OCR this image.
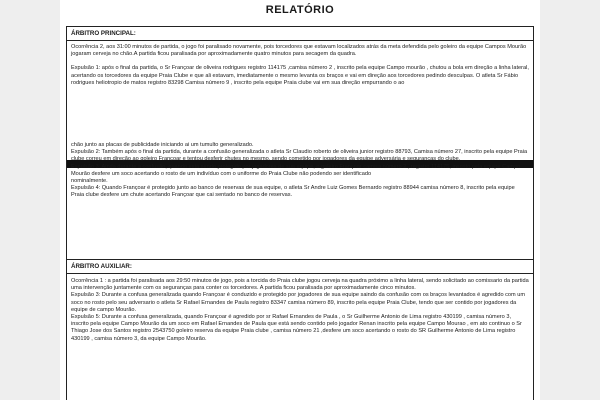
RELATÓRIO
ÁRBITRO PRINCIPAL:

Ocorrência 2, aos 31:00 minutos de partida, o jogo foi paralisado novamente, pois torcedores que estavam localizados atrás da meta defendida pelo goleiro da equipe Campos Mourão jogaram cerveja no chão.A partida ficou paralisada por aproximadamente quatro minutos para secagem da quadra.

Expulsão 1: após o final da partida, o Sr Françoar de oliveira rodrigues registro 114175 ,camisa número 2 , inscrito pela equipe Campo mourão , chutou a bola em direção a linha lateral, acertando os torcedores da equipe Praia Clube e que ali estavam, imediatamente o mesmo levanta os braços e vai em direção aos torcedores pedindo desculpas. O atleta Sr Fábio rodrigues heliotropio de matos registro 83298 Camisa número 9 , inscrito pela equipe Praia clube vai em sua direção empurrando o ao

chão junto as placas de publicidade iniciando ai um tumulto generalizado.

Expulsão 2: Também após o final da partida, durante a confusão generalizada o atleta Sr Claudio roberto de oliveira junior registro 88793, Camisa número 27, inscrito pela equipe Praia clube correu em direção ao goleiro Françoar e tentou desferir chutes no mesmo, sendo cometido por jogadores da equipe adversária e seguranças do clube.

Expulsão 3: Ainda durante a confusão, quando está sendo protegido por jogadores de sua equipe, o goleiro Françoar camisa número 2 , registro 114175, inscrito pela equipe Campo Mourão desfere um soco acertando o rosto de um indivíduo com o uniforme do Praia Clube não podendo ser identificado

nominalmente.

Expulsão 4: Quando Françoar é protegido junto ao banco de reservas de sua equipe, o atleta Sr Andre Luiz Gomes Bernardo registro 88944 camisa número 8, inscrito pela equipe Praia clube desfere um chute acertando Françoar que cai sentado no banco de reservas.

ÁRBITRO AUXILIAR:

Ocorrência 1 : a partida foi paralisada aos 29:50 minutos de jogo, pois a torcida do Praia clube jogou cerveja na quadra próximo a linha lateral, sendo solicitado ao comissario da partida uma intervenção juntamente com os seguranças para conter os torcedores. A partida ficou paralisada por aproximadamente cinco minutos.

Expulsão 3: Durante a confusa generalizada quando Françoar é conduzido e protegido por jogadores de sua equipe saindo da confusão com os braços levantados é agredido com um soco no rosto pelo seu adversario o atleta Sr Rafael Ernandes de Paula registro 83347 camisa número 89, inscrito pela equipe Praia Clube, tendo que ser contido por jogadores da equipe de campo Mourão.

Expulsão 5: Durante a confusa generalizada, quando Françoar é agredido por sr Rafael Ernandes de Paula , o Sr Guilherme Antonio de Lima registro 430199 , camisa número 3, inscrito pela equipe Campo Mourão da um soco em Rafael Ernandes de Paula que está sendo contido pelo jogador Renan inscrito pela equipe Campo Mourao , em ato continuo o Sr Thiago Jose dos Santos registro 2543750 goleiro reserva da equipe Praia clube , camisa número 21 ,desfere um soco acertando o rosto do SR Guilherme Antonio de Lima registro 430199 , camisa número 3, da equipe Campo Mourão.
